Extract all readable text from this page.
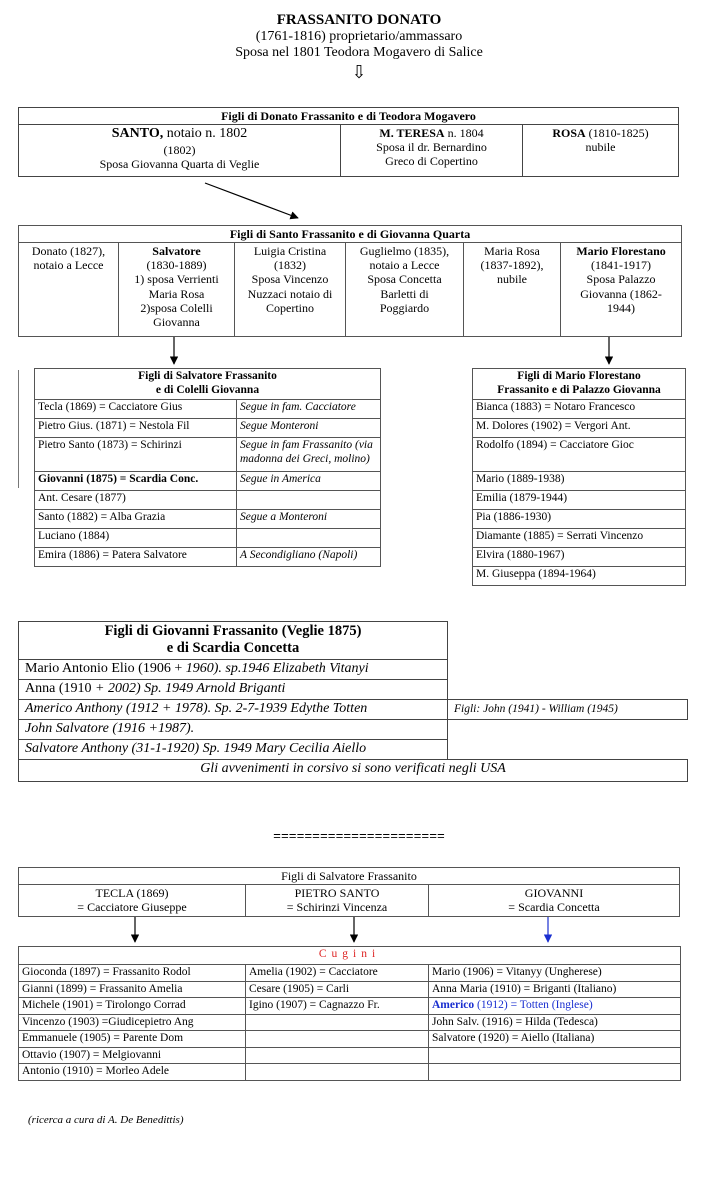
FRASSANITO DONATO
(1761-1816) proprietario/ammassaro
Sposa nel 1801 Teodora Mogavero di Salice
⇩
Figli di Donato Frassanito e di Teodora Mogavero

SANTO, notaio n. 1802
(1802)
Sposa Giovanna Quarta di Veglie

M. TERESA n. 1804
Sposa il dr. Bernardino
Greco di Copertino

ROSA (1810-1825)
nubile
Figli di Santo Frassanito e di Giovanna Quarta

Donato (1827),
notaio a Lecce

Salvatore
(1830-1889)
1) sposa Verrienti
Maria Rosa
2)sposa Colelli
Giovanna

Luigia Cristina
(1832)
Sposa Vincenzo
Nuzzaci notaio di
Copertino

Guglielmo (1835),
notaio a Lecce
Sposa Concetta
Barletti di
Poggiardo

Maria Rosa
(1837-1892),
nubile

Mario Florestano
(1841-1917)
Sposa Palazzo
Giovanna (1862-
1944)
Figli di Salvatore Frassanito
e di Colelli Giovanna	

Tecla (1869) = Cacciatore Gius	Segue in fam. Cacciatore
Pietro Gius. (1871) = Nestola Fil	Segue Monteroni
Pietro Santo (1873) = Schirinzi	Segue in fam Frassanito (via madonna dei Greci, molino)
Giovanni (1875) = Scardia Conc.	Segue in America
Ant. Cesare (1877)	
Santo (1882) = Alba Grazia	Segue a Monteroni
Luciano (1884)	
Emira (1886) = Patera Salvatore	A Secondigliano (Napoli)
Figli di Mario Florestano
Frassanito e di Palazzo Giovanna

Bianca (1883) = Notaro Francesco
M. Dolores (1902) = Vergori Ant.
Rodolfo (1894) = Cacciatore Gioc
Mario (1889-1938)
Emilia (1879-1944)
Pia (1886-1930)
Diamante (1885) = Serrati Vincenzo
Elvira (1880-1967)
M. Giuseppa (1894-1964)
Figli di Giovanni Frassanito (Veglie 1875)
e di Scardia Concetta	

Mario Antonio Elio (1906 + 1960). sp.1946 Elizabeth Vitanyi	
Anna (1910 + 2002) Sp. 1949 Arnold Briganti	
Americo Anthony (1912 + 1978). Sp. 2-7-1939 Edythe Totten	Figli: John (1941) - William (1945)
John Salvatore (1916 +1987).	
Salvatore Anthony (31-1-1920) Sp. 1949 Mary Cecilia Aiello	
Gli avvenimenti in corsivo si sono verificati negli USA	
======================
Figli di Salvatore Frassanito

TECLA (1869)
= Cacciatore Giuseppe

PIETRO SANTO
= Schirinzi Vincenza

GIOVANNI
= Scardia Concetta
Cugini		
Gioconda (1897) = Frassanito Rodol	Amelia (1902) = Cacciatore	Mario (1906) = Vitanyy (Ungherese)
Gianni (1899) = Frassanito Amelia	Cesare (1905) = Carli	Anna Maria (1910) = Briganti (Italiano)
Michele (1901) = Tirolongo Corrad	Igino (1907) = Cagnazzo Fr.	Americo (1912) = Totten (Inglese)
Vincenzo (1903) =Giudicepietro Ang		John Salv. (1916) = Hilda (Tedesca)
Emmanuele (1905) = Parente Dom		Salvatore (1920) = Aiello (Italiana)
Ottavio (1907) = Melgiovanni		
Antonio (1910) = Morleo Adele		
(ricerca a cura di A. De Benedittis)
